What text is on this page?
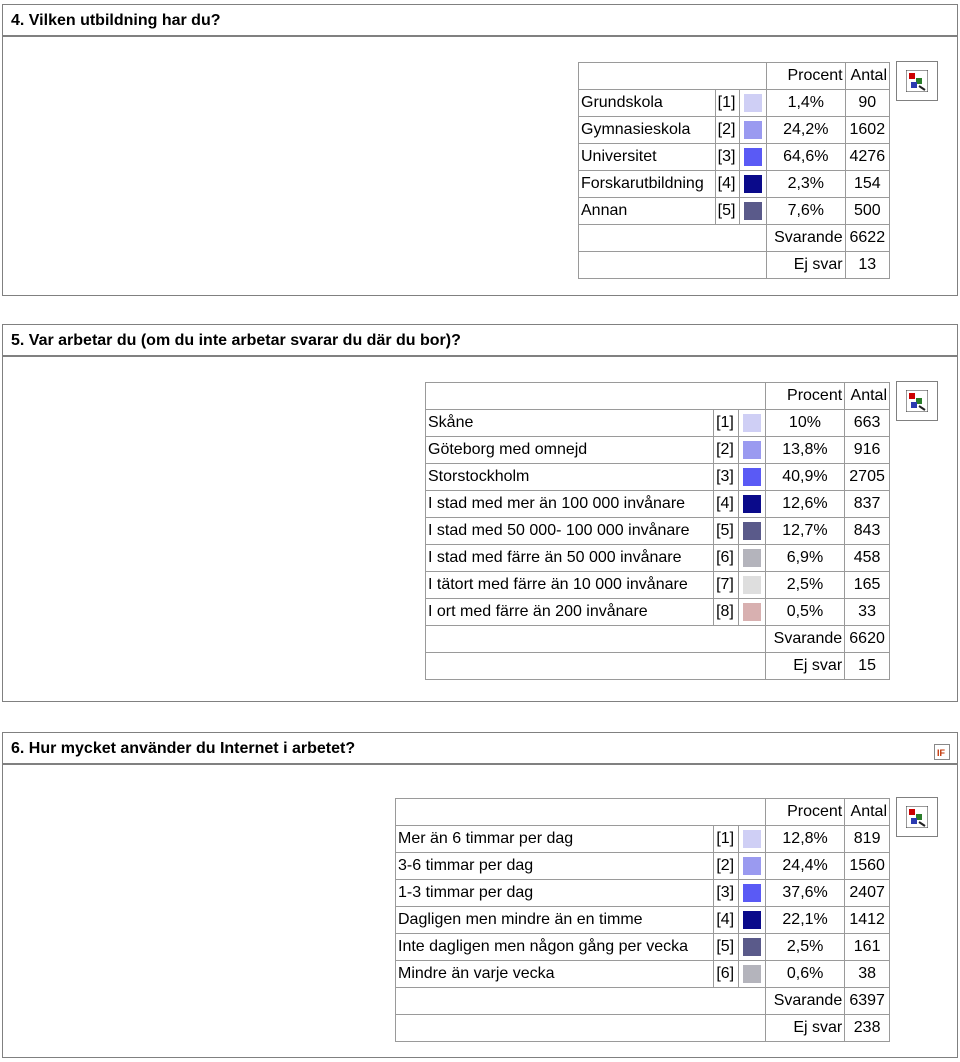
4. Vilken utbildning har du?
			Procent	Antal
Grundskola	[1]		1,4%	90
Gymnasieskola	[2]		24,2%	1602
Universitet	[3]		64,6%	4276
Forskarutbildning	[4]		2,3%	154
Annan	[5]		7,6%	500
			Svarande	6622
			Ej svar	13
5. Var arbetar du (om du inte arbetar svarar du där du bor)?
			Procent	Antal
Skåne	[1]		10%	663
Göteborg med omnejd	[2]		13,8%	916
Storstockholm	[3]		40,9%	2705
I stad med mer än 100 000 invånare	[4]		12,6%	837
I stad med 50 000- 100 000 invånare	[5]		12,7%	843
I stad med färre än 50 000 invånare	[6]		6,9%	458
I tätort med färre än 10 000 invånare	[7]		2,5%	165
I ort med färre än 200 invånare	[8]		0,5%	33
			Svarande	6620
			Ej svar	15
6. Hur mycket använder du Internet i arbetet?	IF
			Procent	Antal
Mer än 6 timmar per dag	[1]		12,8%	819
3-6 timmar per dag	[2]		24,4%	1560
1-3 timmar per dag	[3]		37,6%	2407
Dagligen men mindre än en timme	[4]		22,1%	1412
Inte dagligen men någon gång per vecka	[5]		2,5%	161
Mindre än varje vecka	[6]		0,6%	38
			Svarande	6397
			Ej svar	238
